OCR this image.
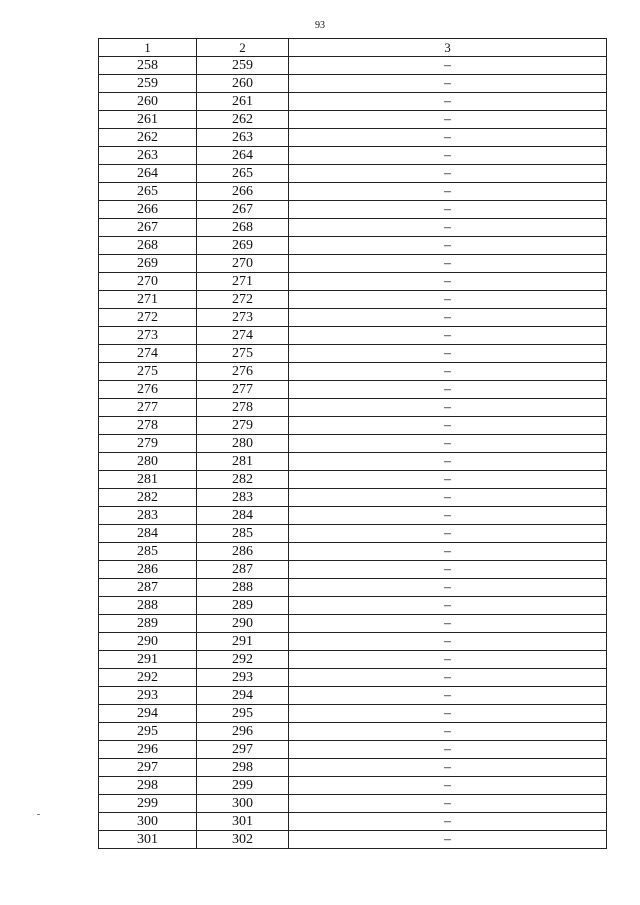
93
1	2	3
258	259	–
259	260	–
260	261	–
261	262	–
262	263	–
263	264	–
264	265	–
265	266	–
266	267	–
267	268	–
268	269	–
269	270	–
270	271	–
271	272	–
272	273	–
273	274	–
274	275	–
275	276	–
276	277	–
277	278	–
278	279	–
279	280	–
280	281	–
281	282	–
282	283	–
283	284	–
284	285	–
285	286	–
286	287	–
287	288	–
288	289	–
289	290	–
290	291	–
291	292	–
292	293	–
293	294	–
294	295	–
295	296	–
296	297	–
297	298	–
298	299	–
299	300	–
300	301	–
301	302	–
